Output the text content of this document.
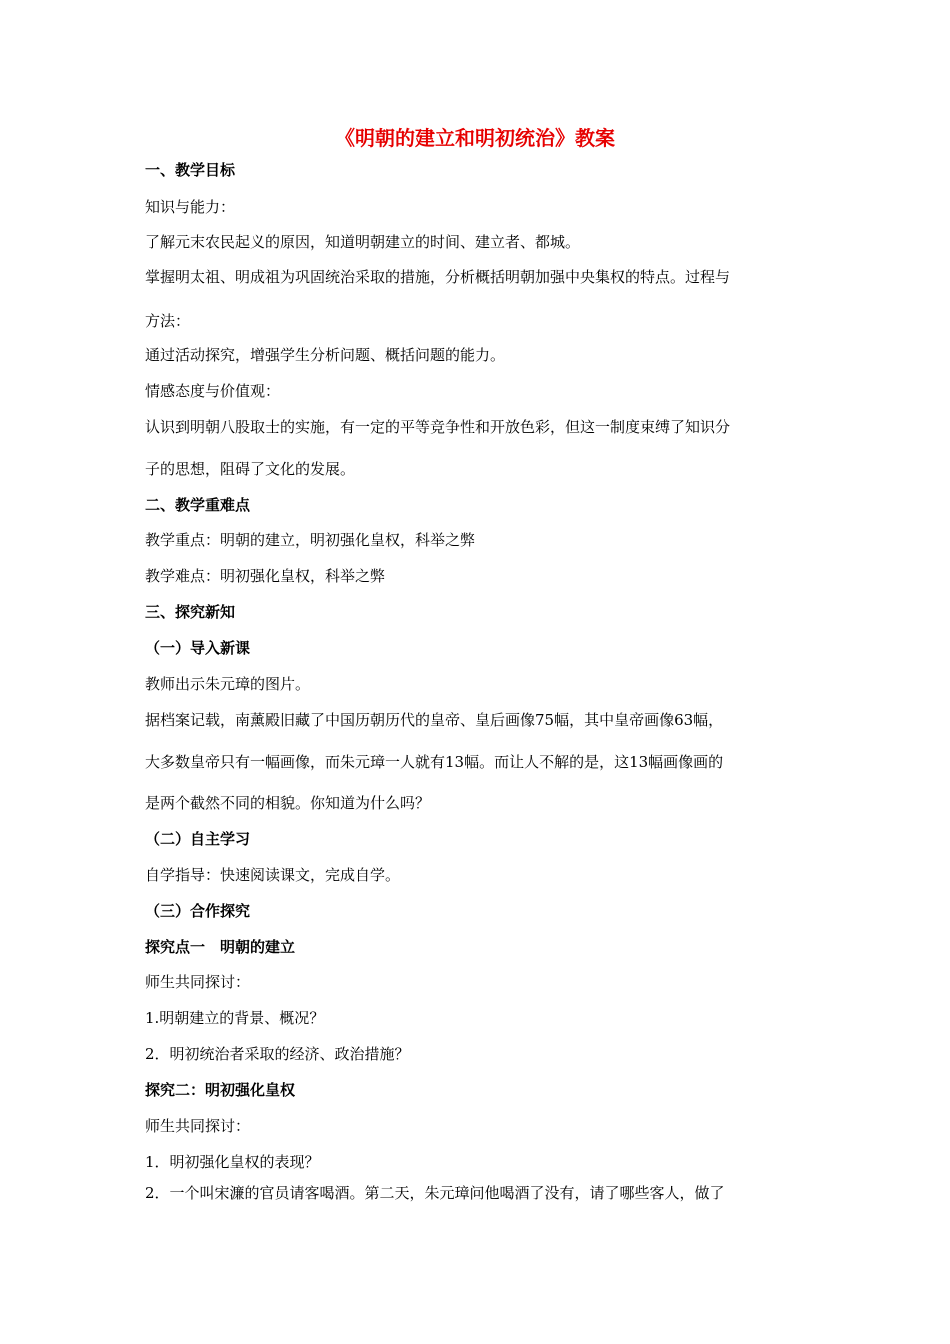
《明朝的建立和明初统治》教案
一、教学目标
知识与能力：
了解元末农民起义的原因，知道明朝建立的时间、建立者、都城。
掌握明太祖、明成祖为巩固统治采取的措施，分析概括明朝加强中央集权的特点。过程与
方法：
通过活动探究，增强学生分析问题、概括问题的能力。
情感态度与价值观：
认识到明朝八股取士的实施，有一定的平等竞争性和开放色彩，但这一制度束缚了知识分
子的思想，阻碍了文化的发展。
二、教学重难点
教学重点：明朝的建立，明初强化皇权，科举之弊
教学难点：明初强化皇权，科举之弊
三、探究新知
（一）导入新课
教师出示朱元璋的图片。
据档案记载，南薰殿旧藏了中国历朝历代的皇帝、皇后画像75幅，其中皇帝画像63幅，
大多数皇帝只有一幅画像，而朱元璋一人就有13幅。而让人不解的是，这13幅画像画的
是两个截然不同的相貌。你知道为什么吗？
（二）自主学习
自学指导：快速阅读课文，完成自学。
（三）合作探究
探究点一　明朝的建立
师生共同探讨：
1.明朝建立的背景、概况？
2．明初统治者采取的经济、政治措施？
探究二：明初强化皇权
师生共同探讨：
1．明初强化皇权的表现？
2．一个叫宋濂的官员请客喝酒。第二天，朱元璋问他喝酒了没有，请了哪些客人，做了
